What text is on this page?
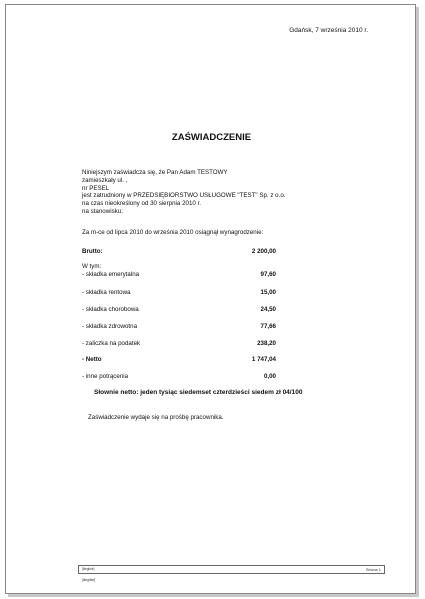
Gdańsk, 7 września 2010 r.
ZAŚWIADCZENIE
Niniejszym zaświadcza się, że Pan Adam TESTOWY
zamieszkały ul. ,
nr PESEL
jest zatrudniony w PRZEDSIĘBIORSTWO USŁUGOWE "TEST" Sp. z o.o.
na czas nieokreślony od 30 sierpnia 2010 r.
na stanowisku:
Za m-ce od lipca 2010 do września 2010 osiągnął wynagrodzenie:
Brutto:	2 200,00
W tym:
- składka emerytalna	97,60
- składka rentowa	15,00
- składka chorobowa	24,50
- składka zdrowotna	77,66
- zaliczka na podatek	238,20
- Netto	1 747,04
- inne potrącenia	0,00
Słownie netto: jeden tysiąc siedemset czterdzieści siedem zł 04/100
Zaświadczenie wydaje się na prośbę pracownika.
[illegible]	Strona 1
[illegible]
